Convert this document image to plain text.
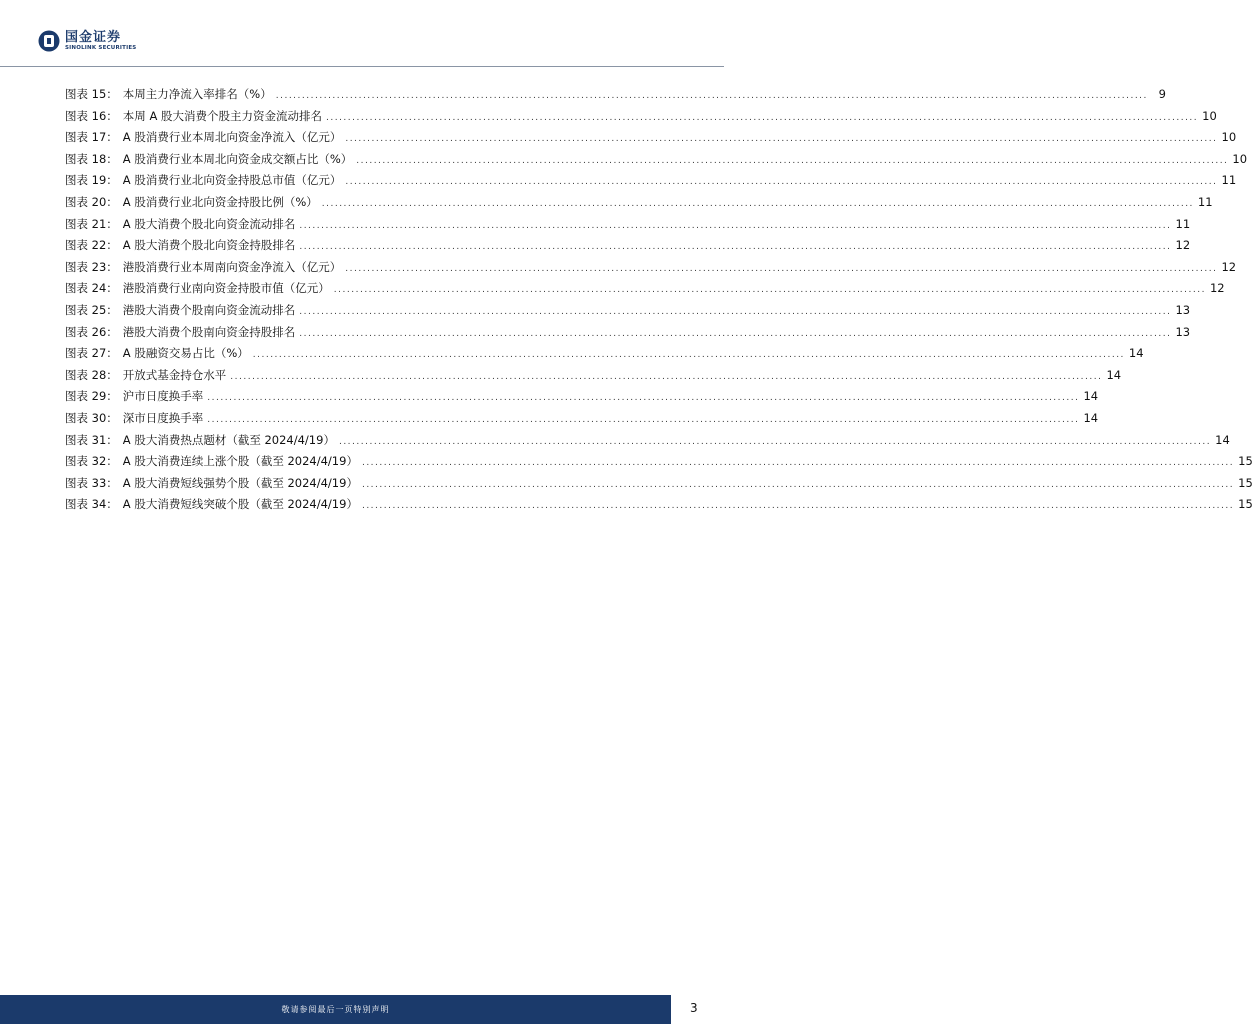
国金证券
SINOLINK SECURITIES
图表 15： 本周主力净流入率排名（%） ........................................................................................................................................................................................................ 9
图表 16： 本周 A 股大消费个股主力资金流动排名 ........................................................................................................................................................................................................ 10
图表 17： A 股消费行业本周北向资金净流入（亿元） ........................................................................................................................................................................................................ 10
图表 18： A 股消费行业本周北向资金成交额占比（%） ........................................................................................................................................................................................................ 10
图表 19： A 股消费行业北向资金持股总市值（亿元） ........................................................................................................................................................................................................ 11
图表 20： A 股消费行业北向资金持股比例（%） ........................................................................................................................................................................................................ 11
图表 21： A 股大消费个股北向资金流动排名 ........................................................................................................................................................................................................ 11
图表 22： A 股大消费个股北向资金持股排名 ........................................................................................................................................................................................................ 12
图表 23： 港股消费行业本周南向资金净流入（亿元） ........................................................................................................................................................................................................ 12
图表 24： 港股消费行业南向资金持股市值（亿元） ........................................................................................................................................................................................................ 12
图表 25： 港股大消费个股南向资金流动排名 ........................................................................................................................................................................................................ 13
图表 26： 港股大消费个股南向资金持股排名 ........................................................................................................................................................................................................ 13
图表 27： A 股融资交易占比（%） ........................................................................................................................................................................................................ 14
图表 28： 开放式基金持仓水平 ........................................................................................................................................................................................................ 14
图表 29： 沪市日度换手率 ........................................................................................................................................................................................................ 14
图表 30： 深市日度换手率 ........................................................................................................................................................................................................ 14
图表 31： A 股大消费热点题材（截至 2024/4/19） ........................................................................................................................................................................................................ 14
图表 32： A 股大消费连续上涨个股（截至 2024/4/19） ........................................................................................................................................................................................................ 15
图表 33： A 股大消费短线强势个股（截至 2024/4/19） ........................................................................................................................................................................................................ 15
图表 34： A 股大消费短线突破个股（截至 2024/4/19） ........................................................................................................................................................................................................ 15
敬请参阅最后一页特别声明	3
